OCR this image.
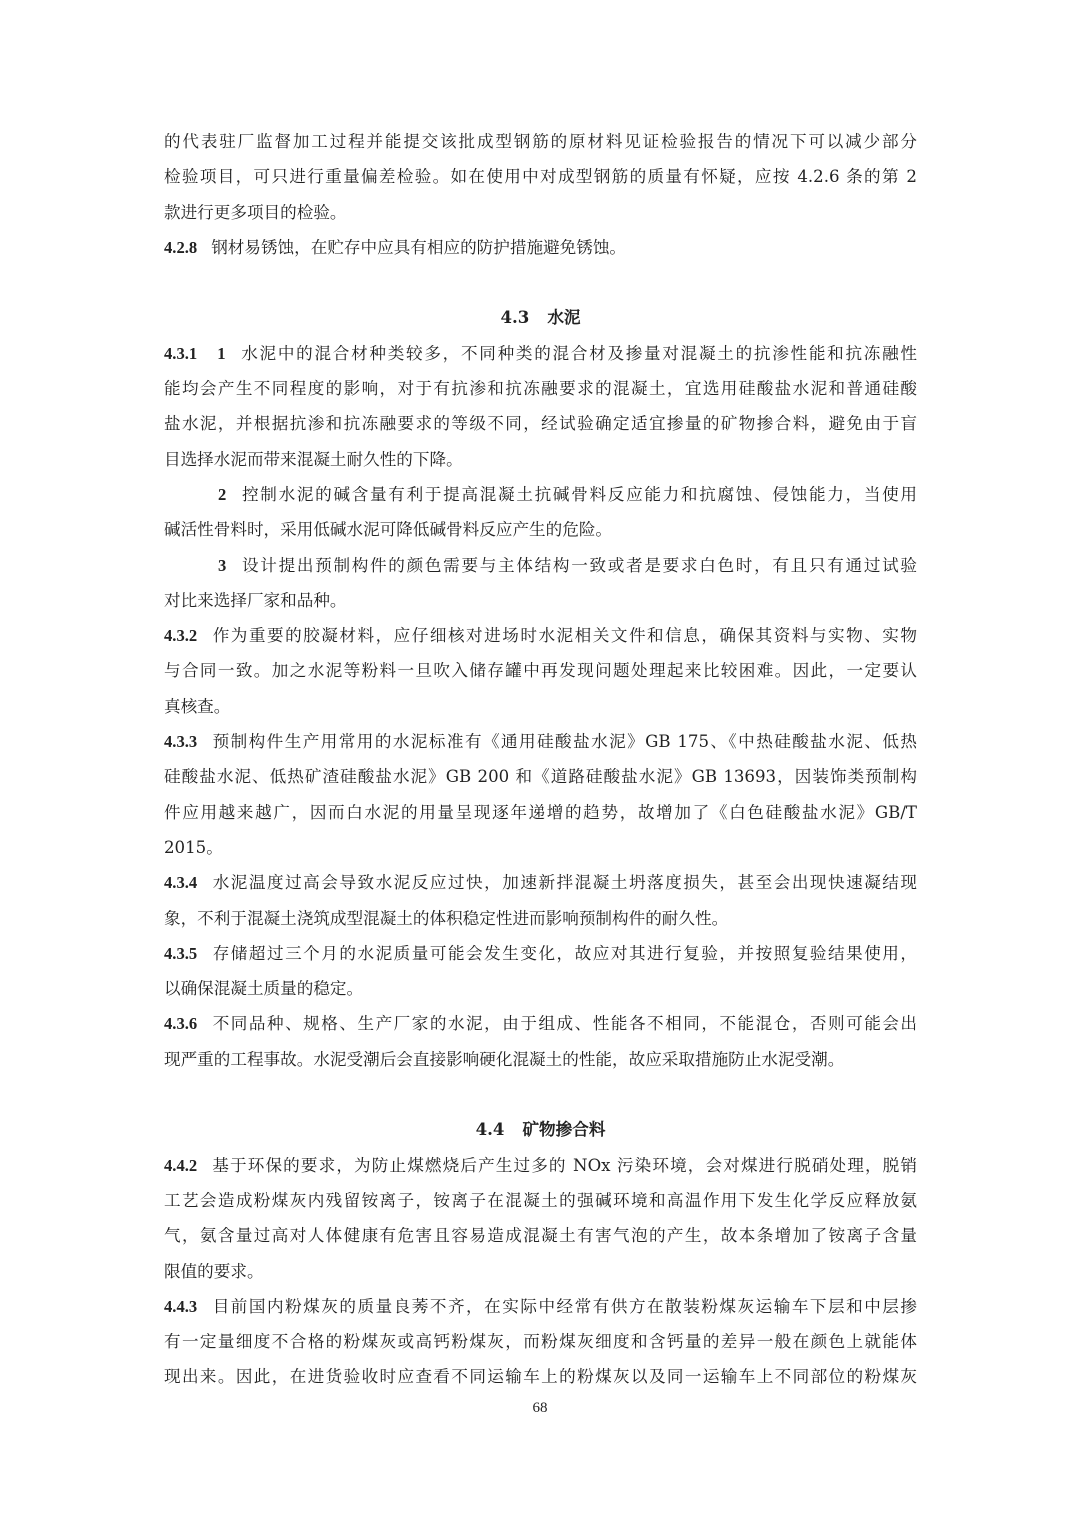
的代表驻厂监督加工过程并能提交该批成型钢筋的原材料见证检验报告的情况下可以减少部分
检验项目，可只进行重量偏差检验。如在使用中对成型钢筋的质量有怀疑，应按 4.2.6 条的第 2
款进行更多项目的检验。
4.2.8 钢材易锈蚀，在贮存中应具有相应的防护措施避免锈蚀。

4.3 水泥
4.3.1　1 水泥中的混合材种类较多，不同种类的混合材及掺量对混凝土的抗渗性能和抗冻融性
能均会产生不同程度的影响，对于有抗渗和抗冻融要求的混凝土，宜选用硅酸盐水泥和普通硅酸
盐水泥，并根据抗渗和抗冻融要求的等级不同，经试验确定适宜掺量的矿物掺合料，避免由于盲
目选择水泥而带来混凝土耐久性的下降。
2 控制水泥的碱含量有利于提高混凝土抗碱骨料反应能力和抗腐蚀、侵蚀能力，当使用
碱活性骨料时，采用低碱水泥可降低碱骨料反应产生的危险。
3 设计提出预制构件的颜色需要与主体结构一致或者是要求白色时，有且只有通过试验
对比来选择厂家和品种。
4.3.2 作为重要的胶凝材料，应仔细核对进场时水泥相关文件和信息，确保其资料与实物、实物
与合同一致。加之水泥等粉料一旦吹入储存罐中再发现问题处理起来比较困难。因此，一定要认
真核查。
4.3.3 预制构件生产用常用的水泥标准有《通用硅酸盐水泥》GB 175、《中热硅酸盐水泥、低热
硅酸盐水泥、低热矿渣硅酸盐水泥》GB 200 和《道路硅酸盐水泥》GB 13693，因装饰类预制构
件应用越来越广，因而白水泥的用量呈现逐年递增的趋势，故增加了《白色硅酸盐水泥》GB/T
2015。
4.3.4 水泥温度过高会导致水泥反应过快，加速新拌混凝土坍落度损失，甚至会出现快速凝结现
象，不利于混凝土浇筑成型混凝土的体积稳定性进而影响预制构件的耐久性。
4.3.5 存储超过三个月的水泥质量可能会发生变化，故应对其进行复验，并按照复验结果使用，
以确保混凝土质量的稳定。
4.3.6 不同品种、规格、生产厂家的水泥，由于组成、性能各不相同，不能混仓，否则可能会出
现严重的工程事故。水泥受潮后会直接影响硬化混凝土的性能，故应采取措施防止水泥受潮。

4.4 矿物掺合料
4.4.2 基于环保的要求，为防止煤燃烧后产生过多的 NOx 污染环境，会对煤进行脱硝处理，脱销
工艺会造成粉煤灰内残留铵离子，铵离子在混凝土的强碱环境和高温作用下发生化学反应释放氨
气，氨含量过高对人体健康有危害且容易造成混凝土有害气泡的产生，故本条增加了铵离子含量
限值的要求。
4.4.3 目前国内粉煤灰的质量良莠不齐，在实际中经常有供方在散装粉煤灰运输车下层和中层掺
有一定量细度不合格的粉煤灰或高钙粉煤灰，而粉煤灰细度和含钙量的差异一般在颜色上就能体
现出来。因此，在进货验收时应查看不同运输车上的粉煤灰以及同一运输车上不同部位的粉煤灰
68
